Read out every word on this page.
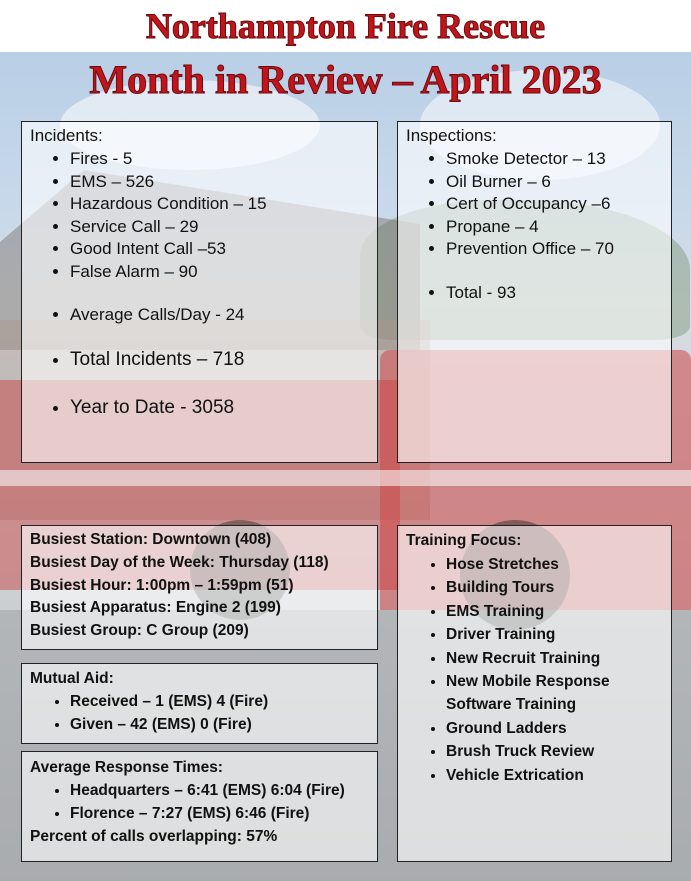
Northampton Fire Rescue
Month in Review – April 2023
Incidents:
• Fires - 5
• EMS – 526
• Hazardous Condition – 15
• Service Call – 29
• Good Intent Call –53
• False Alarm – 90
• Average Calls/Day - 24
• Total Incidents – 718
• Year to Date - 3058
Inspections:
• Smoke Detector – 13
• Oil Burner – 6
• Cert of Occupancy –6
• Propane – 4
• Prevention Office – 70
• Total - 93
Busiest Station: Downtown (408)
Busiest Day of the Week: Thursday (118)
Busiest Hour: 1:00pm – 1:59pm (51)
Busiest Apparatus: Engine 2 (199)
Busiest Group: C Group (209)
Mutual Aid:
• Received – 1 (EMS) 4 (Fire)
• Given – 42 (EMS) 0 (Fire)
Average Response Times:
• Headquarters – 6:41 (EMS) 6:04 (Fire)
• Florence – 7:27 (EMS) 6:46 (Fire)
Percent of calls overlapping: 57%
Training Focus:
• Hose Stretches
• Building Tours
• EMS Training
• Driver Training
• New Recruit Training
• New Mobile Response Software Training
• Ground Ladders
• Brush Truck Review
• Vehicle Extrication
